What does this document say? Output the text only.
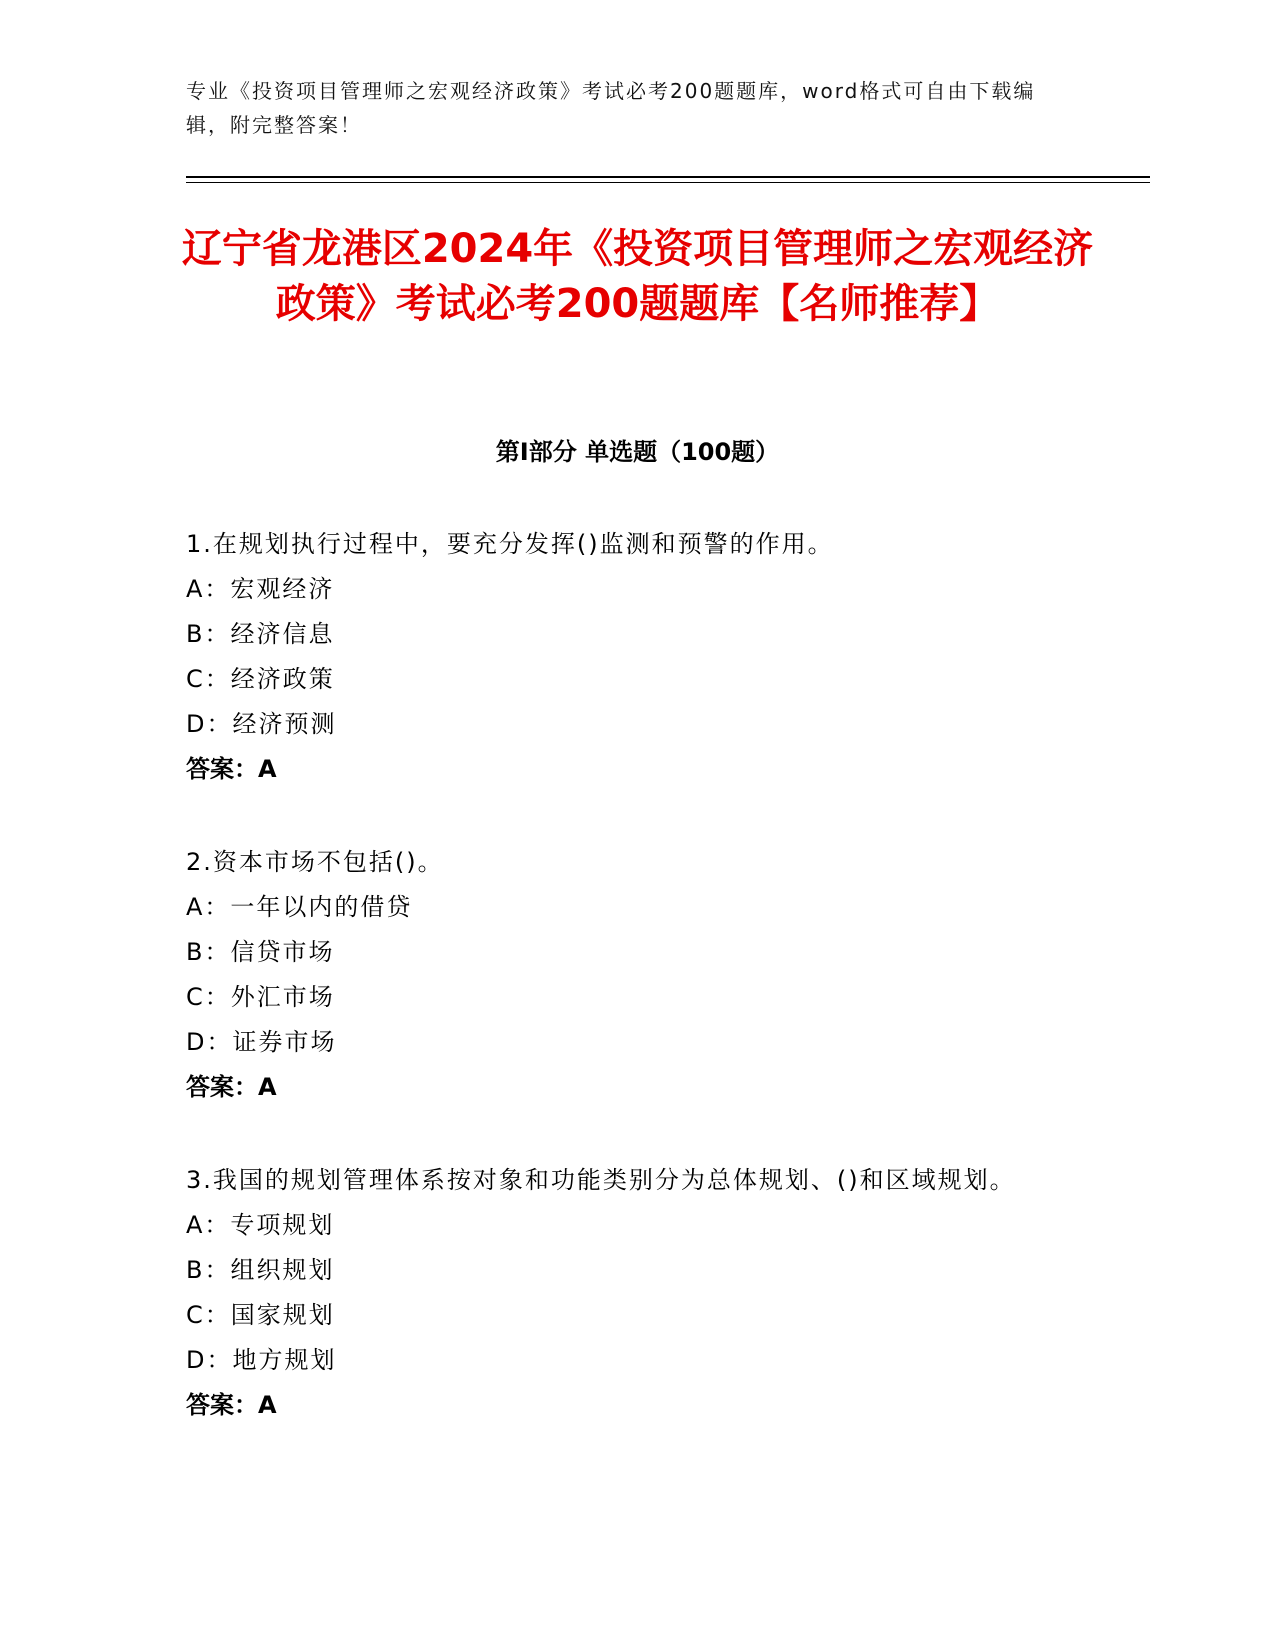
专业《投资项目管理师之宏观经济政策》考试必考200题题库，word格式可自由下载编辑，附完整答案！
辽宁省龙港区2024年《投资项目管理师之宏观经济政策》考试必考200题题库【名师推荐】
第I部分 单选题（100题）
1.在规划执行过程中，要充分发挥()监测和预警的作用。
A：宏观经济
B：经济信息
C：经济政策
D：经济预测
答案：A
2.资本市场不包括()。
A：一年以内的借贷
B：信贷市场
C：外汇市场
D：证券市场
答案：A
3.我国的规划管理体系按对象和功能类别分为总体规划、()和区域规划。
A：专项规划
B：组织规划
C：国家规划
D：地方规划
答案：A
